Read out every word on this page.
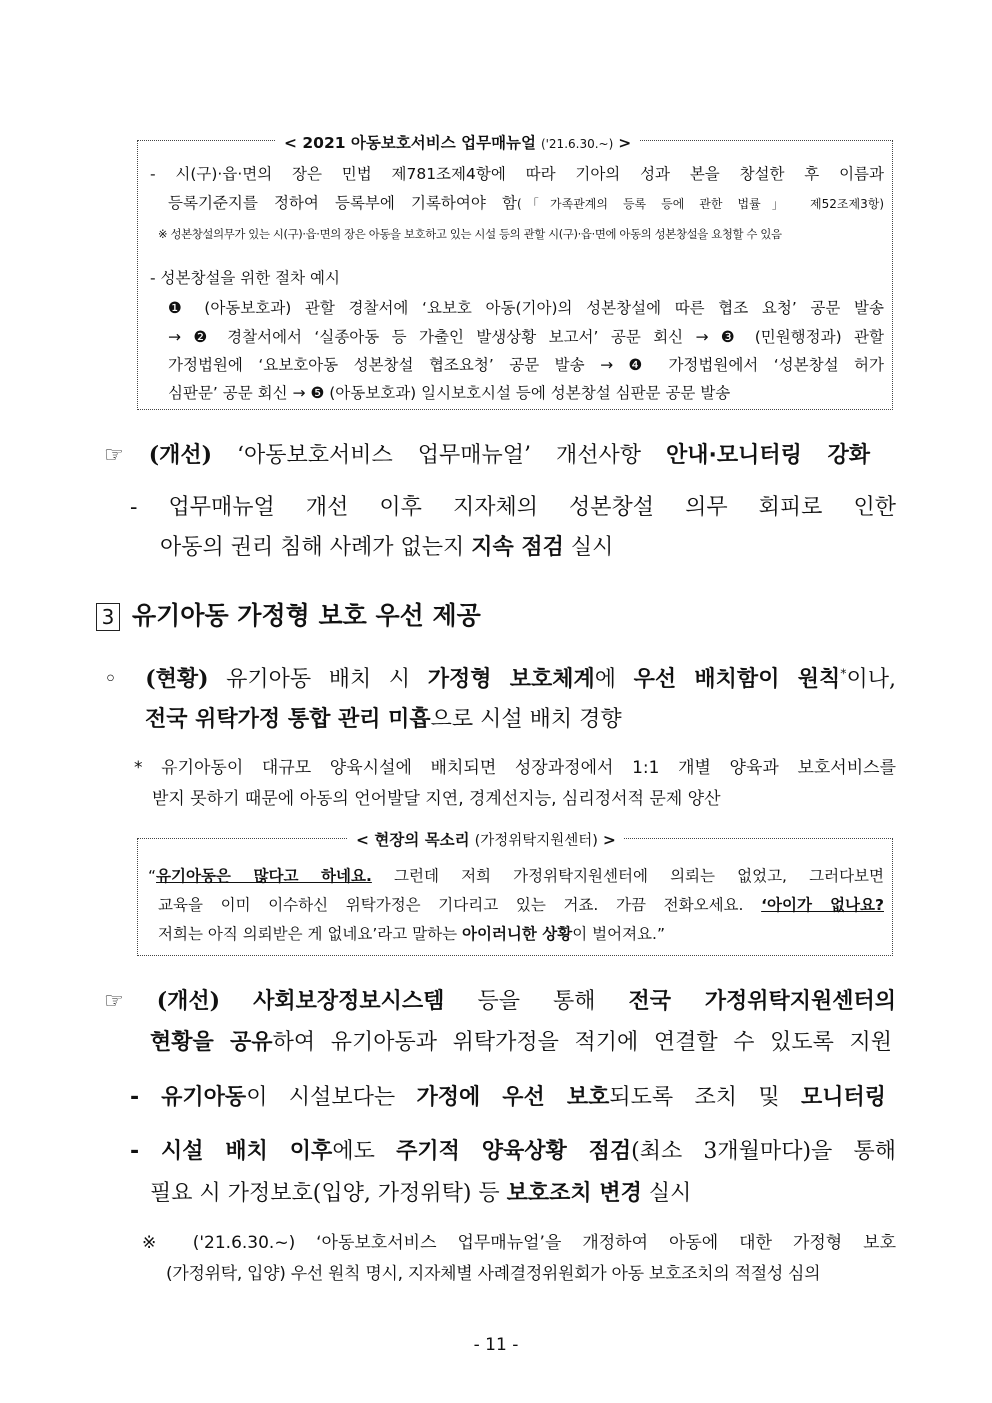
< 2021 아동보호서비스 업무매뉴얼 ('21.6.30.~) >
- 시(구)·읍·면의 장은 민법 제781조제4항에 따라 기아의 성과 본을 창설한 후 이름과
등록기준지를 정하여 등록부에 기록하여야 함(「가족관계의 등록 등에 관한 법률」 제52조제3항)
※ 성본창설의무가 있는 시(구)·읍·면의 장은 아동을 보호하고 있는 시설 등의 관할 시(구)·읍·면에 아동의 성본창설을 요청할 수 있음
- 성본창설을 위한 절차 예시
❶ (아동보호과) 관할 경찰서에 ‘요보호 아동(기아)의 성본창설에 따른 협조 요청’ 공문 발송
→ ❷ 경찰서에서 ‘실종아동 등 가출인 발생상황 보고서’ 공문 회신 → ❸ (민원행정과) 관할
가정법원에 ‘요보호아동 성본창설 협조요청’ 공문 발송 → ❹ 가정법원에서 ‘성본창설 허가
심판문’ 공문 회신 → ❺ (아동보호과) 일시보호시설 등에 성본창설 심판문 공문 발송
☞ (개선) ‘아동보호서비스 업무매뉴얼’ 개선사항 안내·모니터링 강화
- 업무매뉴얼 개선 이후 지자체의 성본창설 의무 회피로 인한
아동의 권리 침해 사례가 없는지 지속 점검 실시
3 유기아동 가정형 보호 우선 제공
◦ (현황) 유기아동 배치 시 가정형 보호체계에 우선 배치함이 원칙*이나,
전국 위탁가정 통합 관리 미흡으로 시설 배치 경향
* 유기아동이 대규모 양육시설에 배치되면 성장과정에서 1:1 개별 양육과 보호서비스를
받지 못하기 때문에 아동의 언어발달 지연, 경계선지능, 심리정서적 문제 양산
< 현장의 목소리 (가정위탁지원센터) >
“유기아동은 많다고 하네요. 그런데 저희 가정위탁지원센터에 의뢰는 없었고, 그러다보면
교육을 이미 이수하신 위탁가정은 기다리고 있는 거죠. 가끔 전화오세요. ‘아이가 없나요?
저희는 아직 의뢰받은 게 없네요’라고 말하는 아이러니한 상황이 벌어져요.”
☞ (개선) 사회보장정보시스템 등을 통해 전국 가정위탁지원센터의
현황을 공유하여 유기아동과 위탁가정을 적기에 연결할 수 있도록 지원
- 유기아동이 시설보다는 가정에 우선 보호되도록 조치 및 모니터링
- 시설 배치 이후에도 주기적 양육상황 점검(최소 3개월마다)을 통해
필요 시 가정보호(입양, 가정위탁) 등 보호조치 변경 실시
※ ('21.6.30.~) ‘아동보호서비스 업무매뉴얼’을 개정하여 아동에 대한 가정형 보호
(가정위탁, 입양) 우선 원칙 명시, 지자체별 사례결정위원회가 아동 보호조치의 적절성 심의
- 11 -
